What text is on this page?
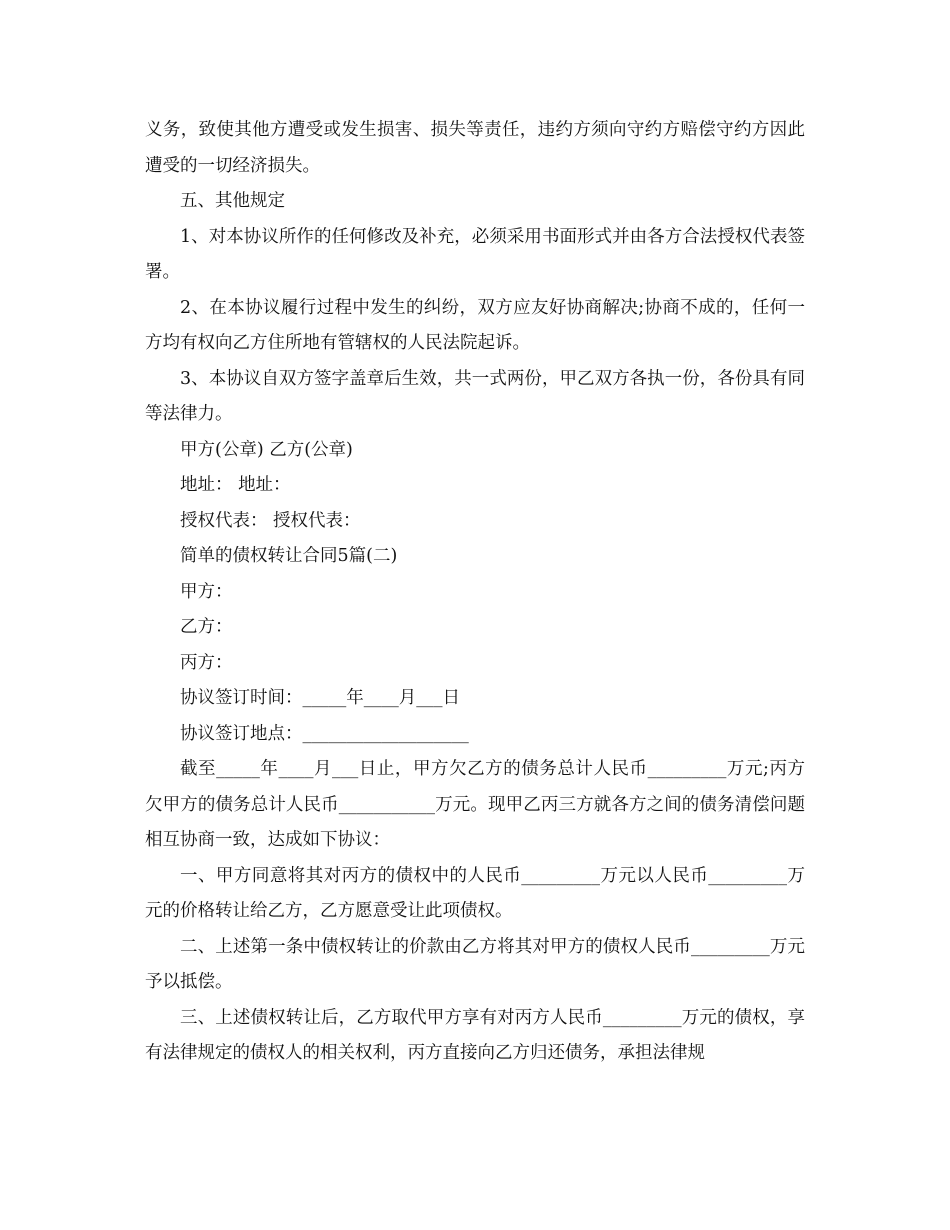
义务，致使其他方遭受或发生损害、损失等责任，违约方须向守约方赔偿守约方因此遭受的一切经济损失。

五、其他规定

1、对本协议所作的任何修改及补充，必须采用书面形式并由各方合法授权代表签署。

2、在本协议履行过程中发生的纠纷，双方应友好协商解决;协商不成的，任何一方均有权向乙方住所地有管辖权的人民法院起诉。

3、本协议自双方签字盖章后生效，共一式两份，甲乙双方各执一份，各份具有同等法律力。

甲方(公章) 乙方(公章)

地址： 地址：

授权代表： 授权代表：

简单的债权转让合同5篇(二)

甲方：

乙方：

丙方：

协议签订时间：_____年____月___日

协议签订地点：___________________

截至_____年____月___日止，甲方欠乙方的债务总计人民币_________万元;丙方欠甲方的债务总计人民币___________万元。现甲乙丙三方就各方之间的债务清偿问题相互协商一致，达成如下协议：

一、甲方同意将其对丙方的债权中的人民币_________万元以人民币_________万元的价格转让给乙方，乙方愿意受让此项债权。

二、上述第一条中债权转让的价款由乙方将其对甲方的债权人民币_________万元予以抵偿。

三、上述债权转让后，乙方取代甲方享有对丙方人民币_________万元的债权，享有法律规定的债权人的相关权利，丙方直接向乙方归还债务，承担法律规
